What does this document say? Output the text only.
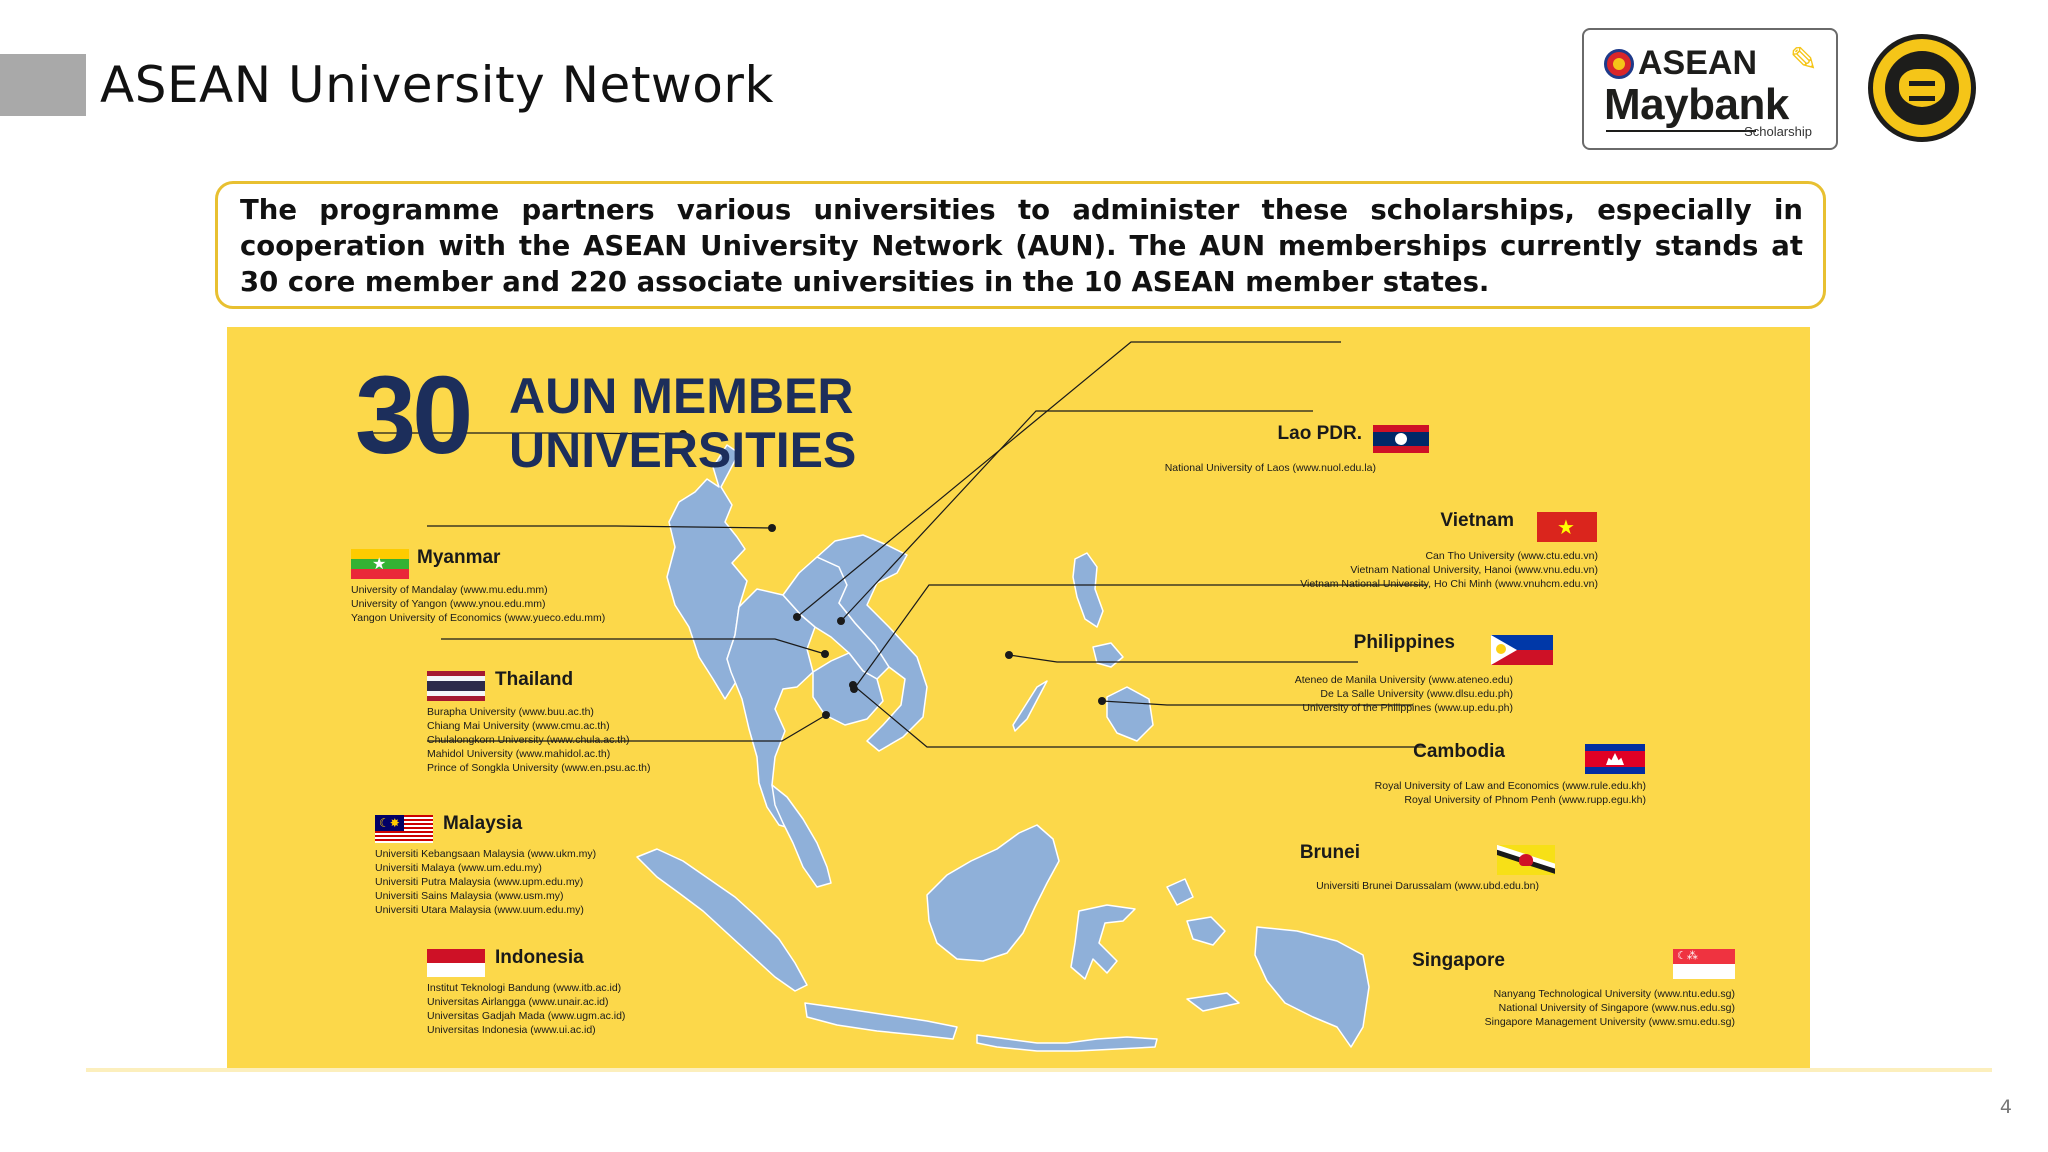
ASEAN University Network	ASEAN ✎
Maybank
Scholarship

The programme partners various universities to administer these scholarships, especially in cooperation with the ASEAN University Network (AUN). The AUN memberships currently stands at 30 core member and 220 associate universities in the 10 ASEAN member states.

30 AUN MEMBER
UNIVERSITIES
★ Myanmar
University of Mandalay (www.mu.edu.mm)
University of Yangon (www.ynou.edu.mm)
Yangon University of Economics (www.yueco.edu.mm)
Thailand
Burapha University (www.buu.ac.th)
Chiang Mai University (www.cmu.ac.th)
Chulalongkorn University (www.chula.ac.th)
Mahidol University (www.mahidol.ac.th)
Prince of Songkla University (www.en.psu.ac.th)
☾✸ Malaysia
Universiti Kebangsaan Malaysia (www.ukm.my)
Universiti Malaya (www.um.edu.my)
Universiti Putra Malaysia (www.upm.edu.my)
Universiti Sains Malaysia (www.usm.my)
Universiti Utara Malaysia (www.uum.edu.my)
Indonesia
Institut Teknologi Bandung (www.itb.ac.id)
Universitas Airlangga (www.unair.ac.id)
Universitas Gadjah Mada (www.ugm.ac.id)
Universitas Indonesia (www.ui.ac.id)
Lao PDR.
National University of Laos (www.nuol.edu.la)
Vietnam ★
Can Tho University (www.ctu.edu.vn)
Vietnam National University, Hanoi (www.vnu.edu.vn)
Vietnam National University, Ho Chi Minh (www.vnuhcm.edu.vn)
Philippines
Ateneo de Manila University (www.ateneo.edu)
De La Salle University (www.dlsu.edu.ph)
University of the Philippines (www.up.edu.ph)
Cambodia
Royal University of Law and Economics (www.rule.edu.kh)
Royal University of Phnom Penh (www.rupp.egu.kh)
Brunei
Universiti Brunei Darussalam (www.ubd.edu.bn)
Singapore	☾⁂
Nanyang Technological University (www.ntu.edu.sg)
National University of Singapore (www.nus.edu.sg)
Singapore Management University (www.smu.edu.sg)
4
